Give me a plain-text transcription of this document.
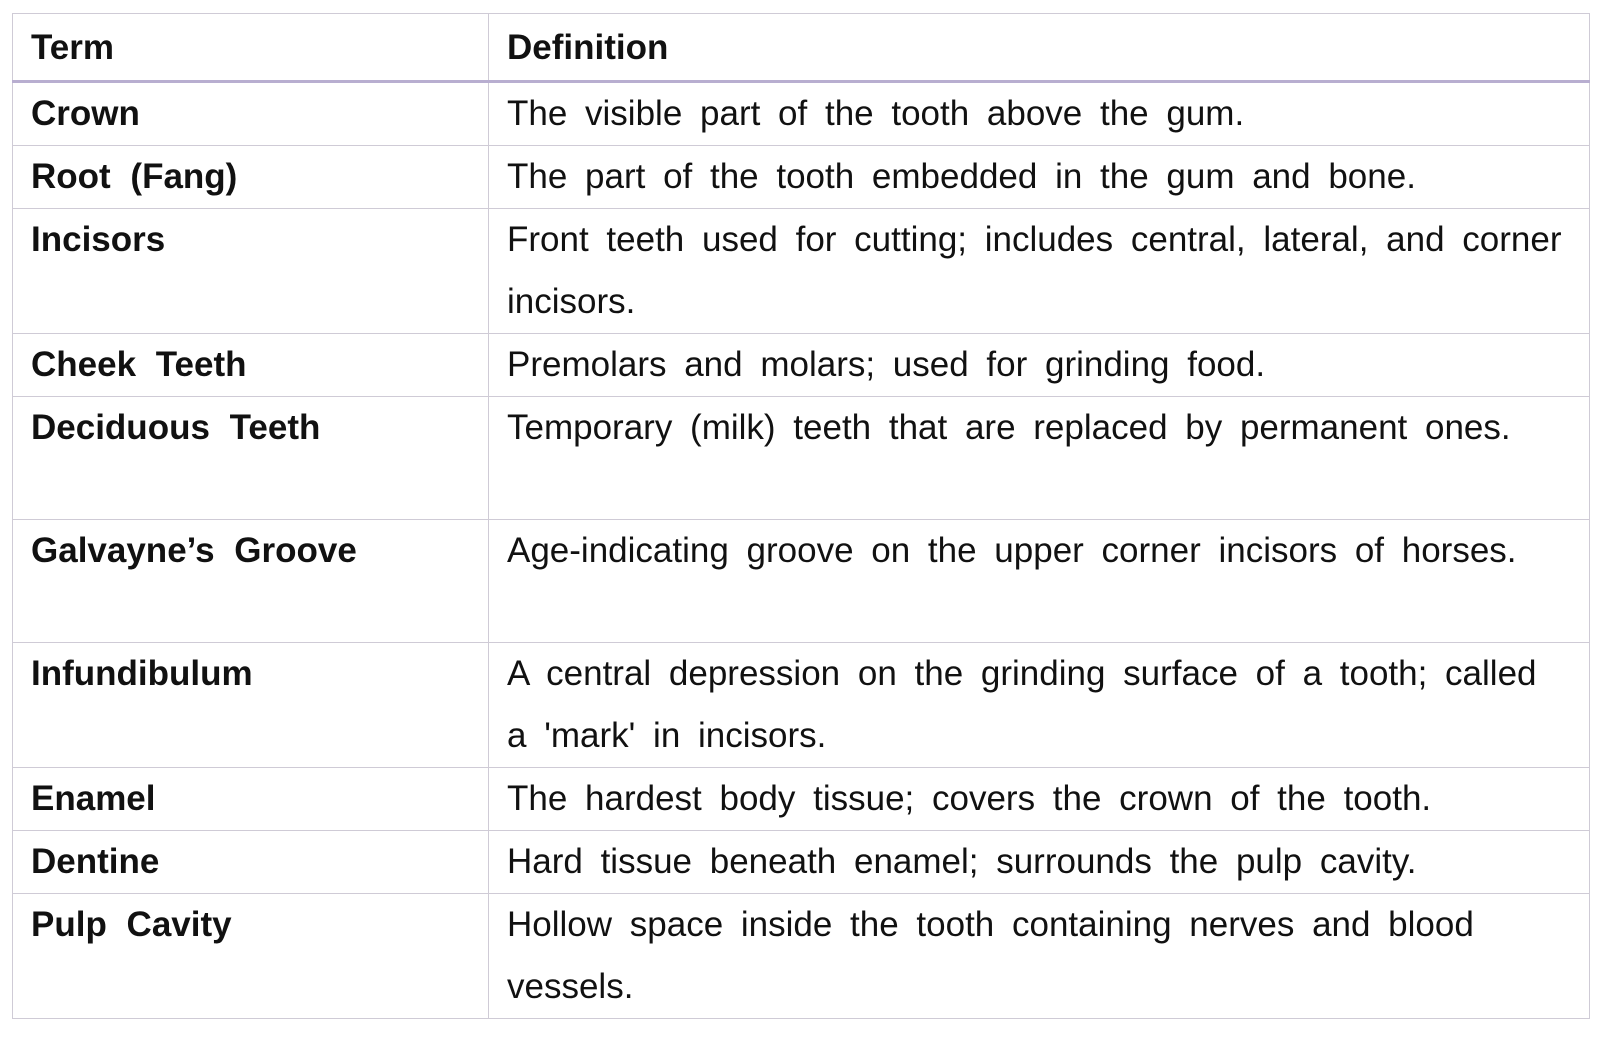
Term	Definition
Crown	The visible part of the tooth above the gum.
Root (Fang)	The part of the tooth embedded in the gum and bone.
Incisors	Front teeth used for cutting; includes central, lateral, and corner incisors.
Cheek Teeth	Premolars and molars; used for grinding food.
Deciduous Teeth	Temporary (milk) teeth that are replaced by permanent ones.
Galvayne’s Groove	Age-indicating groove on the upper corner incisors of horses.
Infundibulum	A central depression on the grinding surface of a tooth; called a 'mark' in incisors.
Enamel	The hardest body tissue; covers the crown of the tooth.
Dentine	Hard tissue beneath enamel; surrounds the pulp cavity.
Pulp Cavity	Hollow space inside the tooth containing nerves and blood vessels.
